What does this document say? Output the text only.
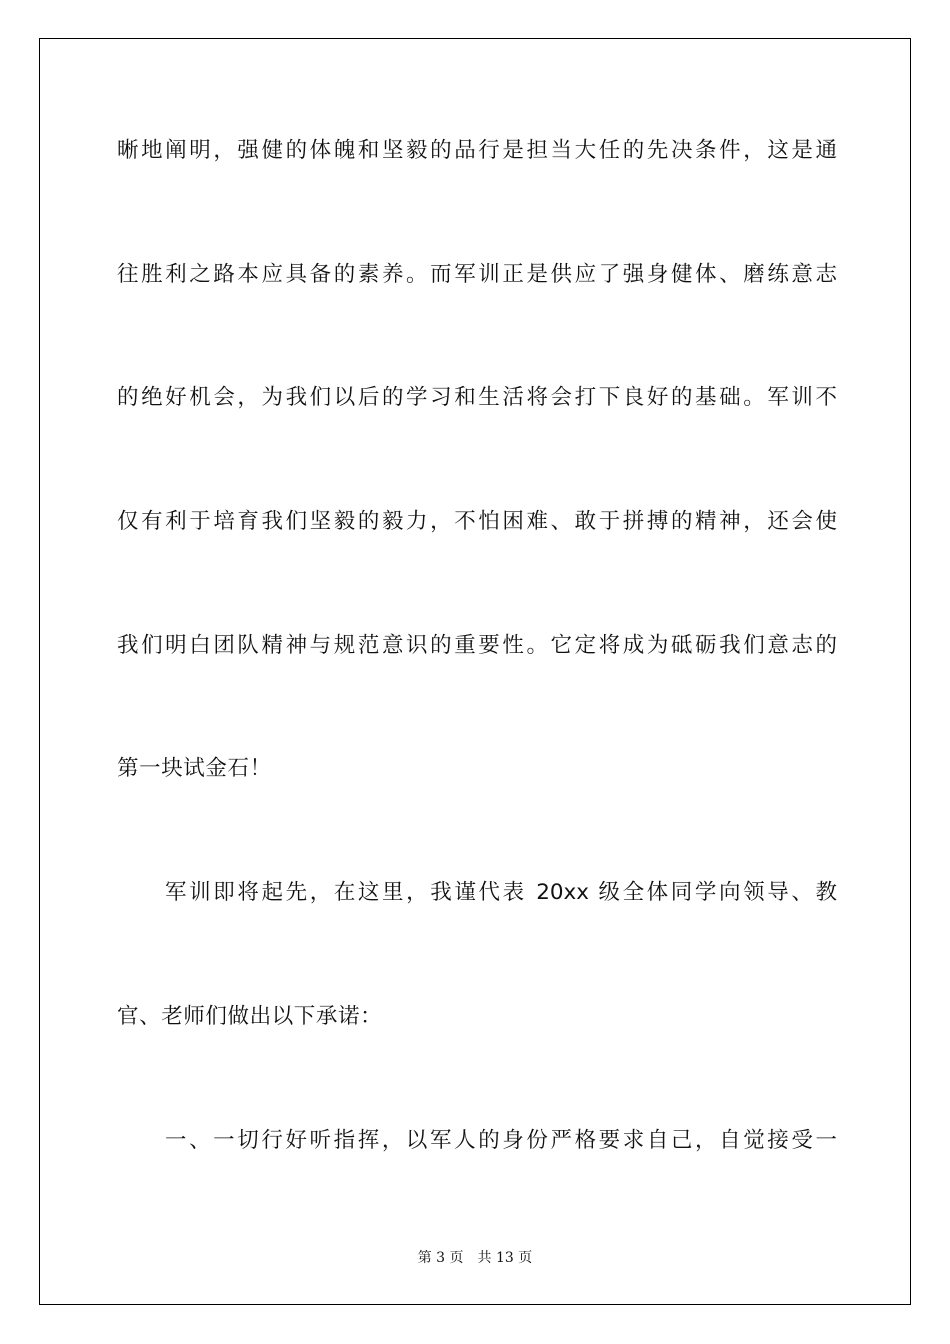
晰地阐明，强健的体魄和坚毅的品行是担当大任的先决条件，这是通
往胜利之路本应具备的素养。而军训正是供应了强身健体、磨练意志
的绝好机会，为我们以后的学习和生活将会打下良好的基础。军训不
仅有利于培育我们坚毅的毅力，不怕困难、敢于拼搏的精神，还会使
我们明白团队精神与规范意识的重要性。它定将成为砥砺我们意志的
第一块试金石！
军训即将起先，在这里，我谨代表 20xx 级全体同学向领导、教
官、老师们做出以下承诺：
一、一切行好听指挥，以军人的身份严格要求自己，自觉接受一
第 3 页 共 13 页
